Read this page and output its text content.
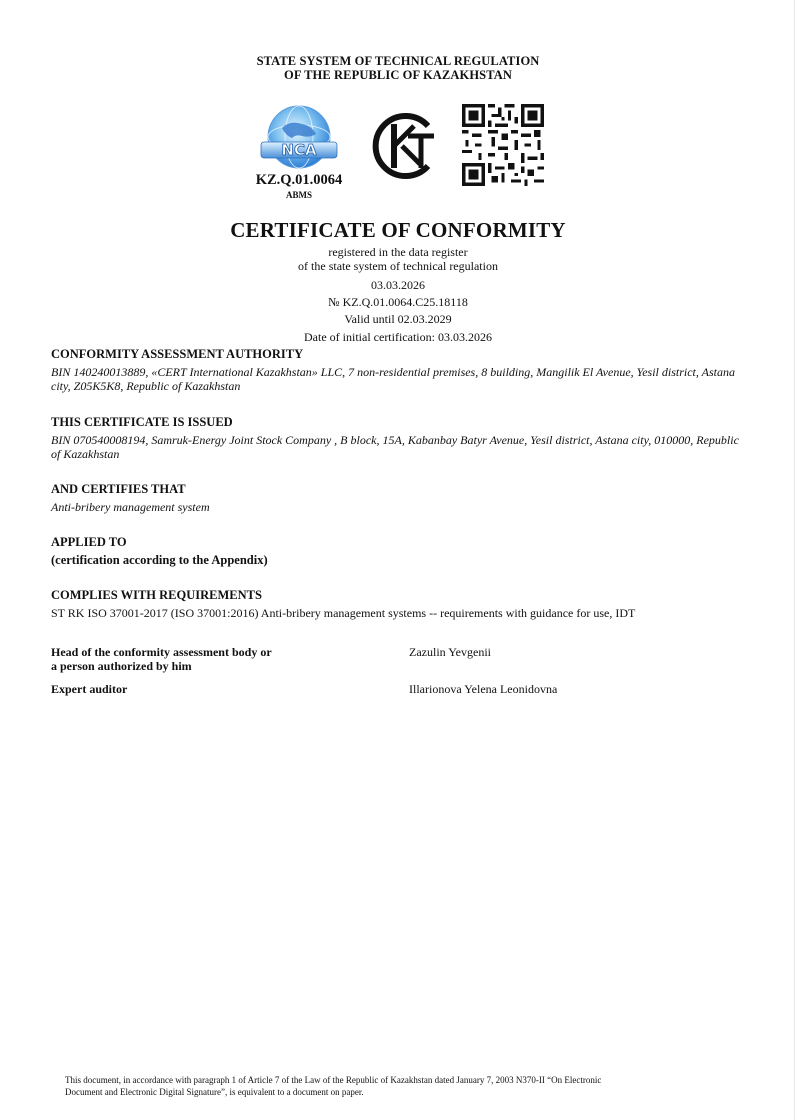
STATE SYSTEM OF TECHNICAL REGULATION
OF THE REPUBLIC OF KAZAKHSTAN
NCA
KZ.Q.01.0064
ABMS
CERTIFICATE OF CONFORMITY
registered in the data register
of the state system of technical regulation
03.03.2026
№ KZ.Q.01.0064.C25.18118
Valid until 02.03.2029
Date of initial certification: 03.03.2026
CONFORMITY ASSESSMENT AUTHORITY
BIN 140240013889, «CERT International Kazakhstan» LLC, 7 non-residential premises, 8 building, Mangilik El Avenue, Yesil district, Astana city, Z05K5K8, Republic of Kazakhstan
THIS CERTIFICATE IS ISSUED
BIN 070540008194, Samruk-Energy Joint Stock Company , B block, 15A, Kabanbay Batyr Avenue, Yesil district, Astana city, 010000, Republic of Kazakhstan
AND CERTIFIES THAT
Anti-bribery management system
APPLIED TO
(certification according to the Appendix)
COMPLIES WITH REQUIREMENTS
ST RK ISO 37001-2017 (ISO 37001:2016) Anti-bribery management systems -- requirements with guidance for use, IDT
Head of the conformity assessment body or
a person authorized by him
Zazulin Yevgenii
Expert auditor	Illarionova Yelena Leonidovna
This document, in accordance with paragraph 1 of Article 7 of the Law of the Republic of Kazakhstan dated January 7, 2003 N370-II “On Electronic
Document and Electronic Digital Signature”, is equivalent to a document on paper.
